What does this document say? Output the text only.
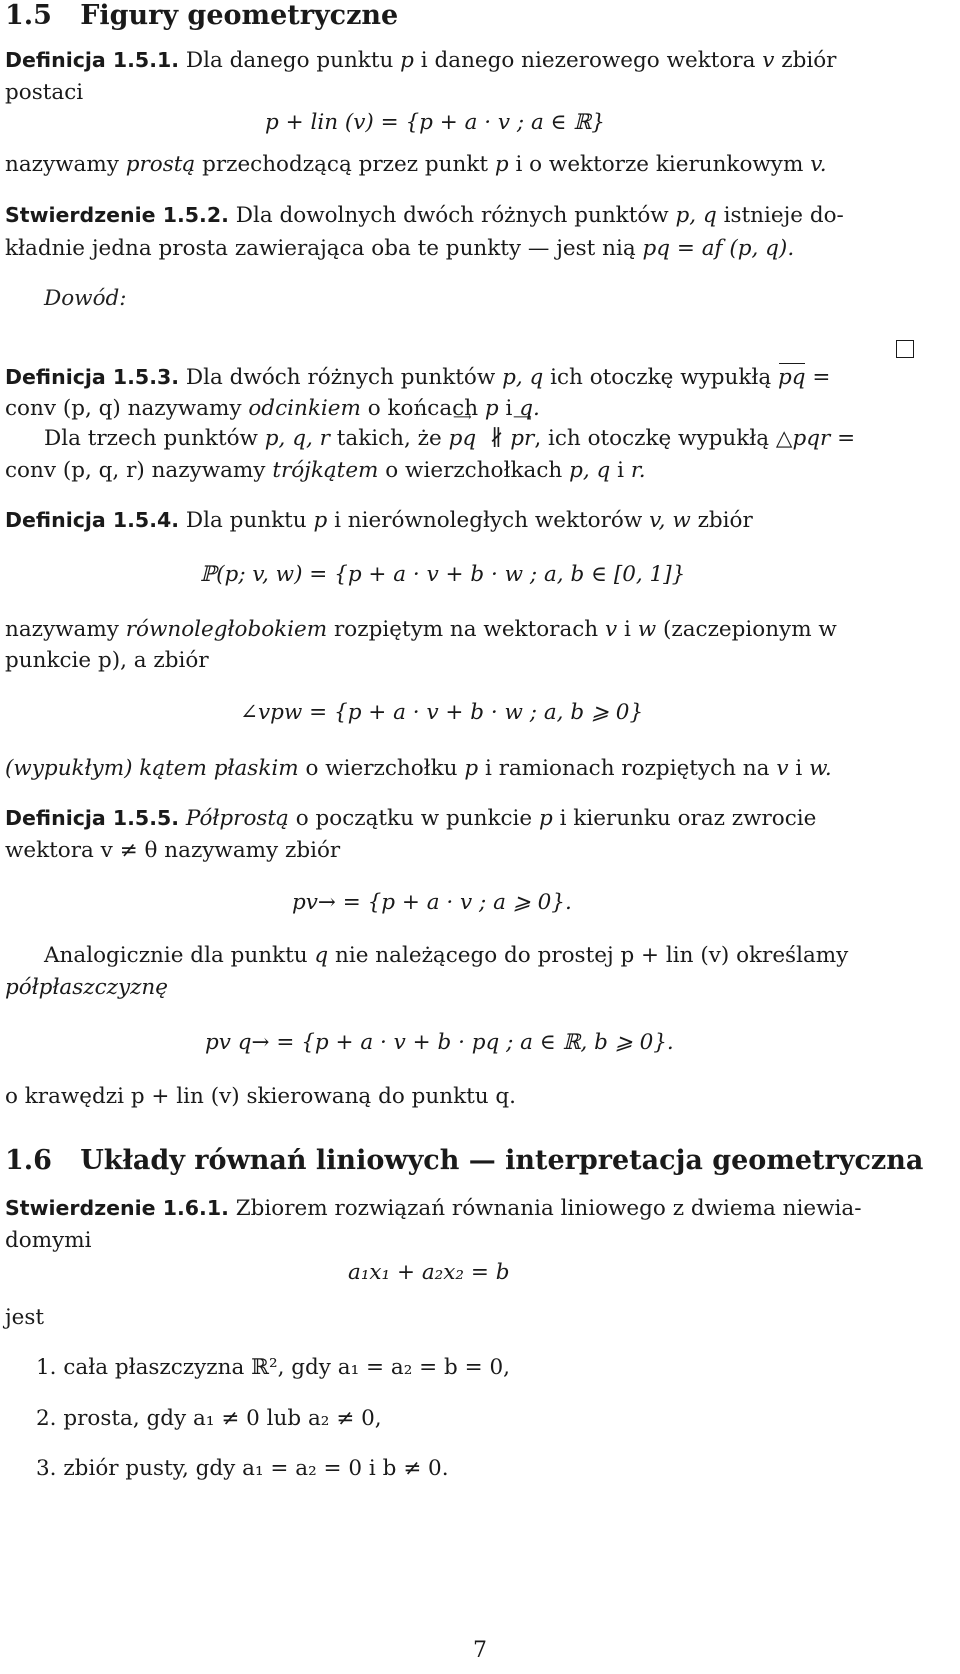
1.5 Figury geometryczne
Definicja 1.5.1. Dla danego punktu p i danego niezerowego wektora v zbiór
postaci
p + lin (v) = {p + a · v ; a ∈ ℝ}
nazywamy prostą przechodzącą przez punkt p i o wektorze kierunkowym v.
Stwierdzenie 1.5.2. Dla dowolnych dwóch różnych punktów p, q istnieje do-
kładnie jedna prosta zawierająca oba te punkty — jest nią pq = af (p, q).
Dowód:
Definicja 1.5.3. Dla dwóch różnych punktów p, q ich otoczkę wypukłą pq =
conv (p, q) nazywamy odcinkiem o końcach p i q.
Dla trzech punktów p, q, r takich, że ⟶ pq  ∦ ⟶ pr, ich otoczkę wypukłą △pqr =
conv (p, q, r) nazywamy trójkątem o wierzchołkach p, q i r.
Definicja 1.5.4. Dla punktu p i nierównoległych wektorów v, w zbiór
ℙ(p; v, w) = {p + a · v + b · w ; a, b ∈ [0, 1]}
nazywamy równoległobokiem rozpiętym na wektorach v i w (zaczepionym w
punkcie p), a zbiór
∠vpw = {p + a · v + b · w ; a, b ⩾ 0}
(wypukłym) kątem płaskim o wierzchołku p i ramionach rozpiętych na v i w.
Definicja 1.5.5. Półprostą o początku w punkcie p i kierunku oraz zwrocie
wektora v ≠ θ nazywamy zbiór
pv→ = {p + a · v ; a ⩾ 0}.
Analogicznie dla punktu q nie należącego do prostej p + lin (v) określamy
półpłaszczyznę
pv q→ = {p + a · v + b · pq ; a ∈ ℝ, b ⩾ 0}.
o krawędzi p + lin (v) skierowaną do punktu q.
1.6 Układy równań liniowych — interpretacja geometryczna
Stwierdzenie 1.6.1. Zbiorem rozwiązań równania liniowego z dwiema niewia-
domymi
a₁x₁ + a₂x₂ = b
jest
1. cała płaszczyzna ℝ², gdy a₁ = a₂ = b = 0,
2. prosta, gdy a₁ ≠ 0 lub a₂ ≠ 0,
3. zbiór pusty, gdy a₁ = a₂ = 0 i b ≠ 0.
7
